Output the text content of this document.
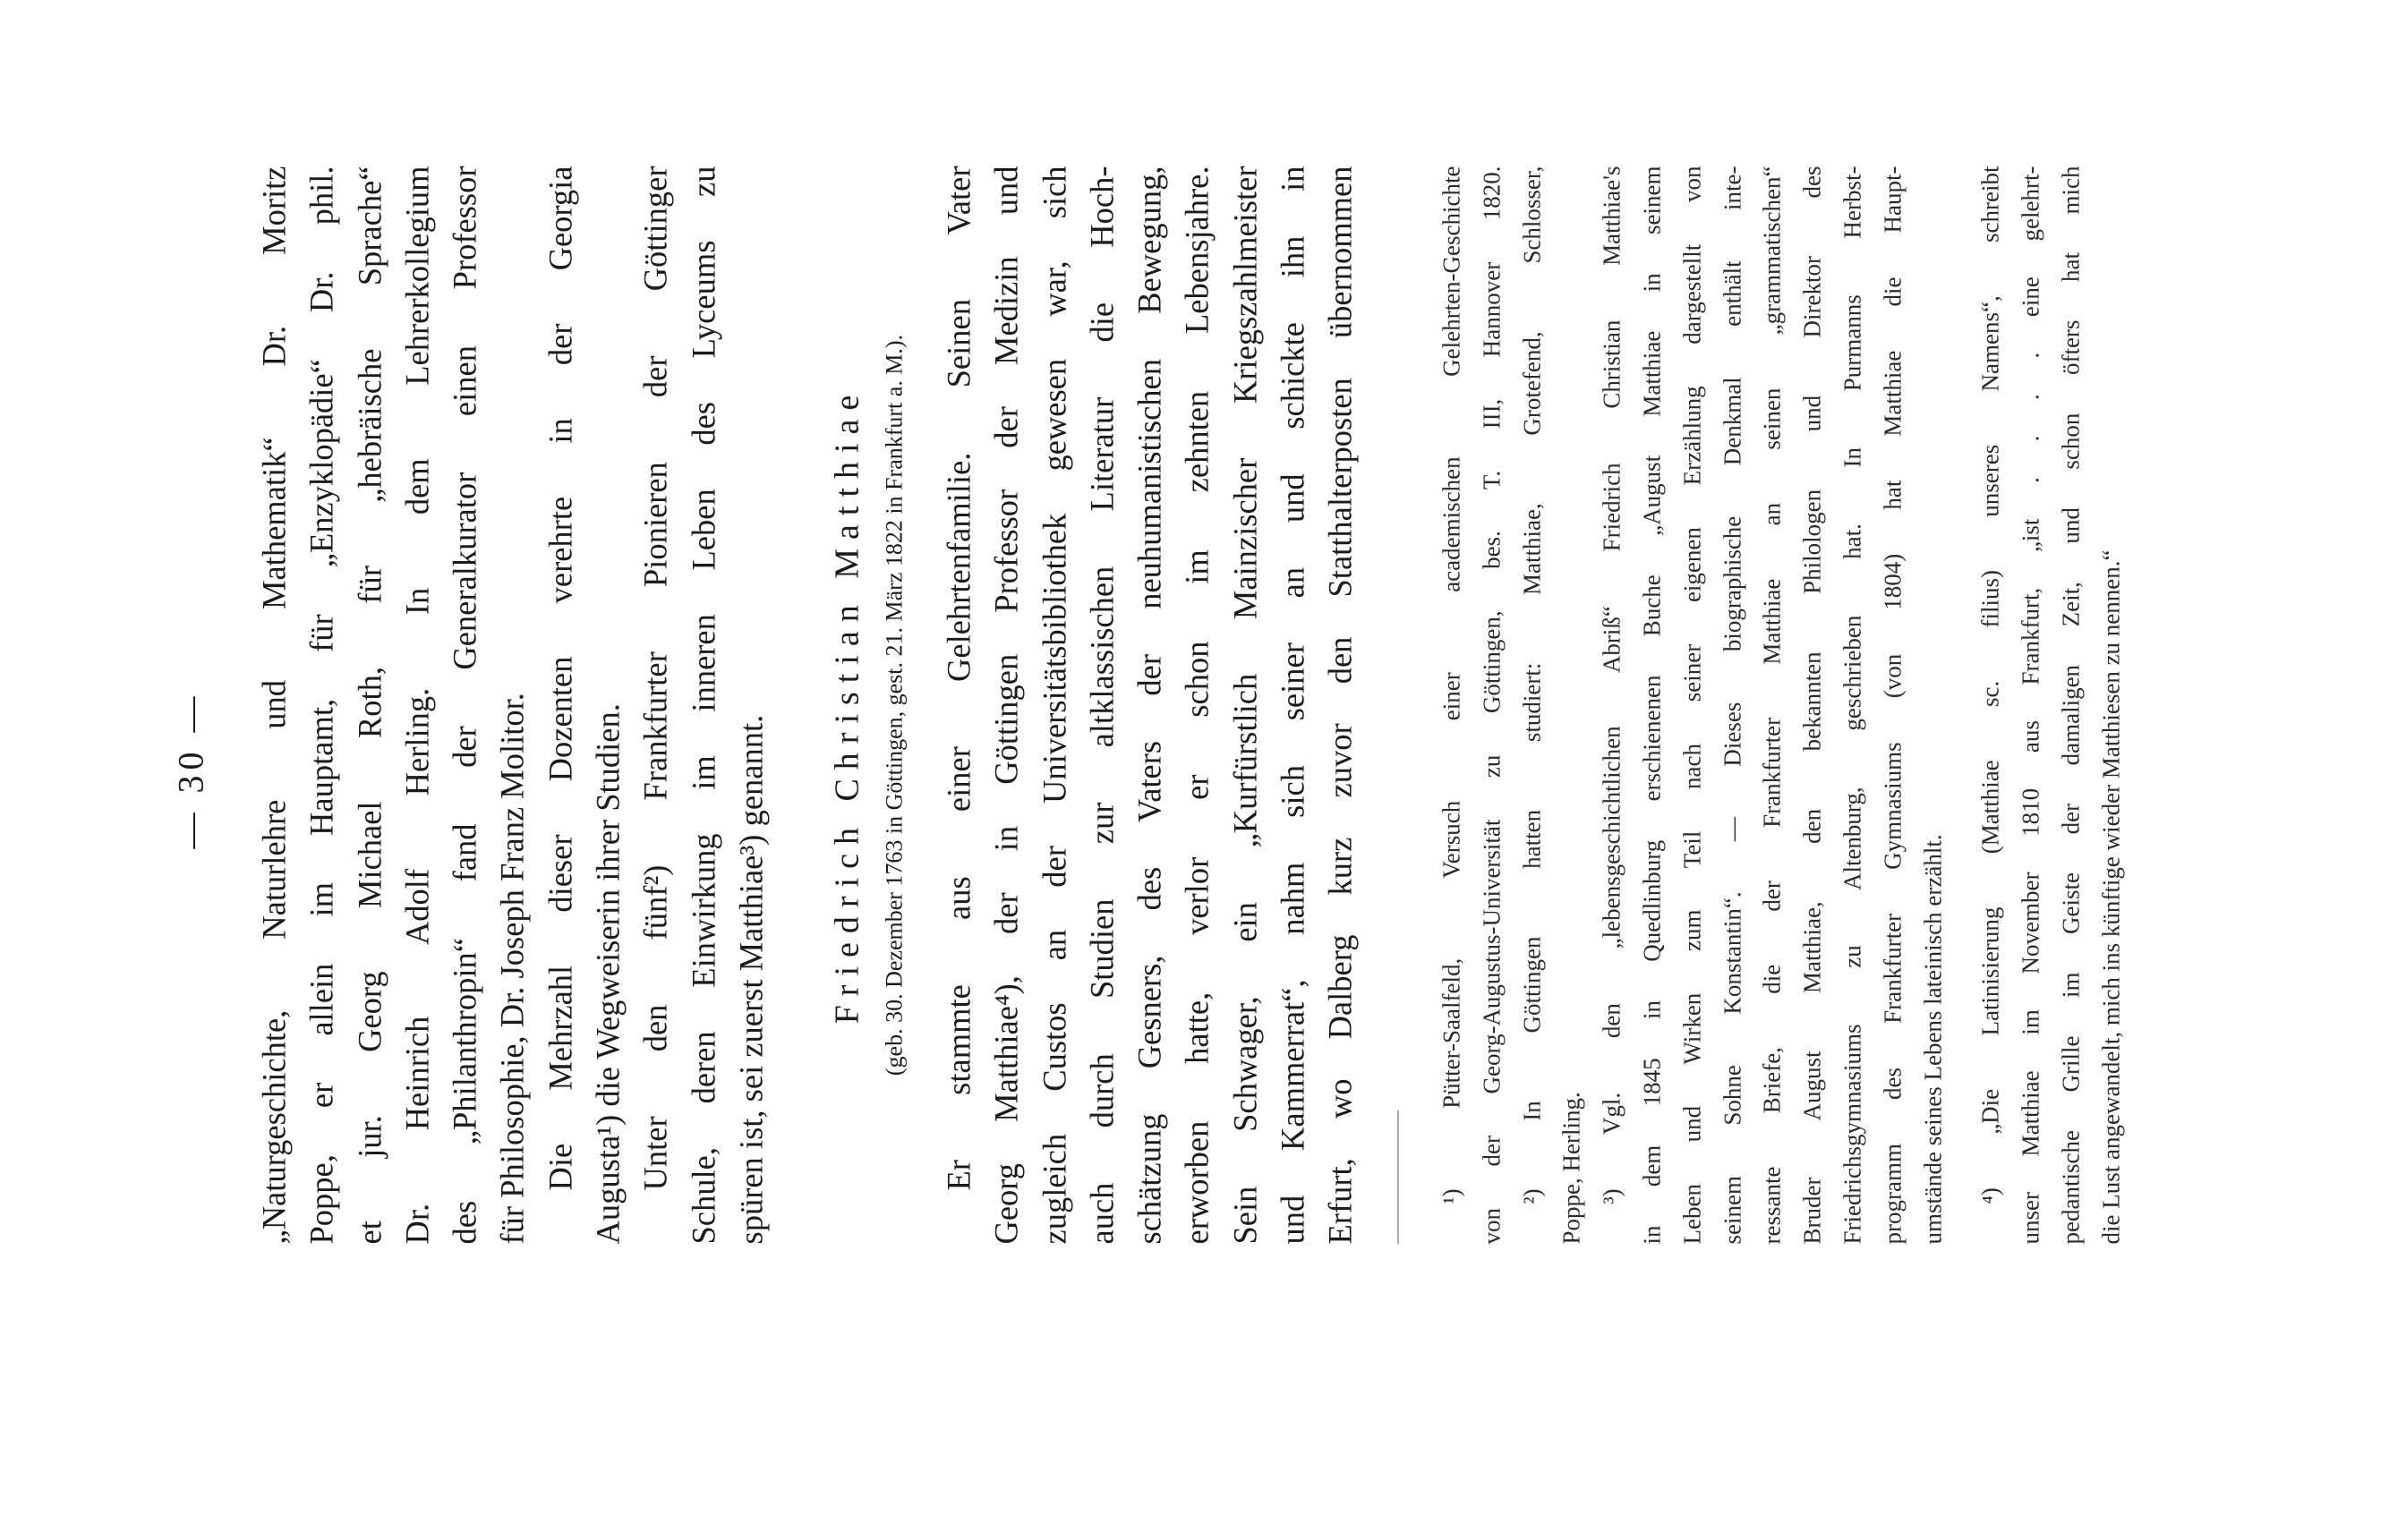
— 30 — „Naturgeschichte, Naturlehre und Mathematik“ Dr. Moritz Poppe, er allein im Hauptamt, für „Enzyklopädie“ Dr. phil. et jur. Georg Michael Roth, für „hebräische Sprache“ Dr. Heinrich Adolf Herling. In dem Lehrerkollegium des „Philanthropin“ fand der Generalkurator einen Professor für Philosophie, Dr. Joseph Franz Molitor. Die Mehrzahl dieser Dozenten verehrte in der Georgia Augusta¹) die Wegweiserin ihrer Studien. Unter den fünf²) Frankfurter Pionieren der Göttinger Schule, deren Einwirkung im inneren Leben des Lyceums zu spüren ist, sei zuerst Matthiae³) genannt. Friedrich Christian Matthiae (geb. 30. Dezember 1763 in Göttingen, gest. 21. März 1822 in Frankfurt a. M.). Er stammte aus einer Gelehrtenfamilie. Seinen Vater Georg Matthiae⁴), der in Göttingen Professor der Medizin und zugleich Custos an der Universitätsbibliothek gewesen war, sich auch durch Studien zur altklassischen Literatur die Hoch- schätzung Gesners, des Vaters der neuhumanistischen Bewegung, erworben hatte, verlor er schon im zehnten Lebensjahre. Sein Schwager, ein „Kurfürstlich Mainzischer Kriegszahlmeister und Kammerrat“, nahm sich seiner an und schickte ihn in Erfurt, wo Dalberg kurz zuvor den Statthalterposten übernommen	¹) Pütter-Saalfeld, Versuch einer academischen Gelehrten-Geschichte von der Georg-Augustus-Universität zu Göttingen, bes. T. III, Hannover 1820. ²) In Göttingen hatten studiert: Matthiae, Grotefend, Schlosser, Poppe, Herling. ³) Vgl. den „lebensgeschichtlichen Abriß“ Friedrich Christian Matthiae's in dem 1845 in Quedlinburg erschienenen Buche „August Matthiae in seinem Leben und Wirken zum Teil nach seiner eigenen Erzählung dargestellt von seinem Sohne Konstantin“. — Dieses biographische Denkmal enthält inte- ressante Briefe, die der Frankfurter Matthiae an seinen „grammatischen“ Bruder August Matthiae, den bekannten Philologen und Direktor des Friedrichsgymnasiums zu Altenburg, geschrieben hat. In Purmanns Herbst- programm des Frankfurter Gymnasiums (von 1804) hat Matthiae die Haupt- umstände seines Lebens lateinisch erzählt. ⁴) „Die Latinisierung (Matthiae sc. filius) unseres Namens“, schreibt unser Matthiae im November 1810 aus Frankfurt, „ist . . . . eine gelehrt- pedantische Grille im Geiste der damaligen Zeit, und schon öfters hat mich die Lust angewandelt, mich ins künftige wieder Matthiesen zu nennen.“
